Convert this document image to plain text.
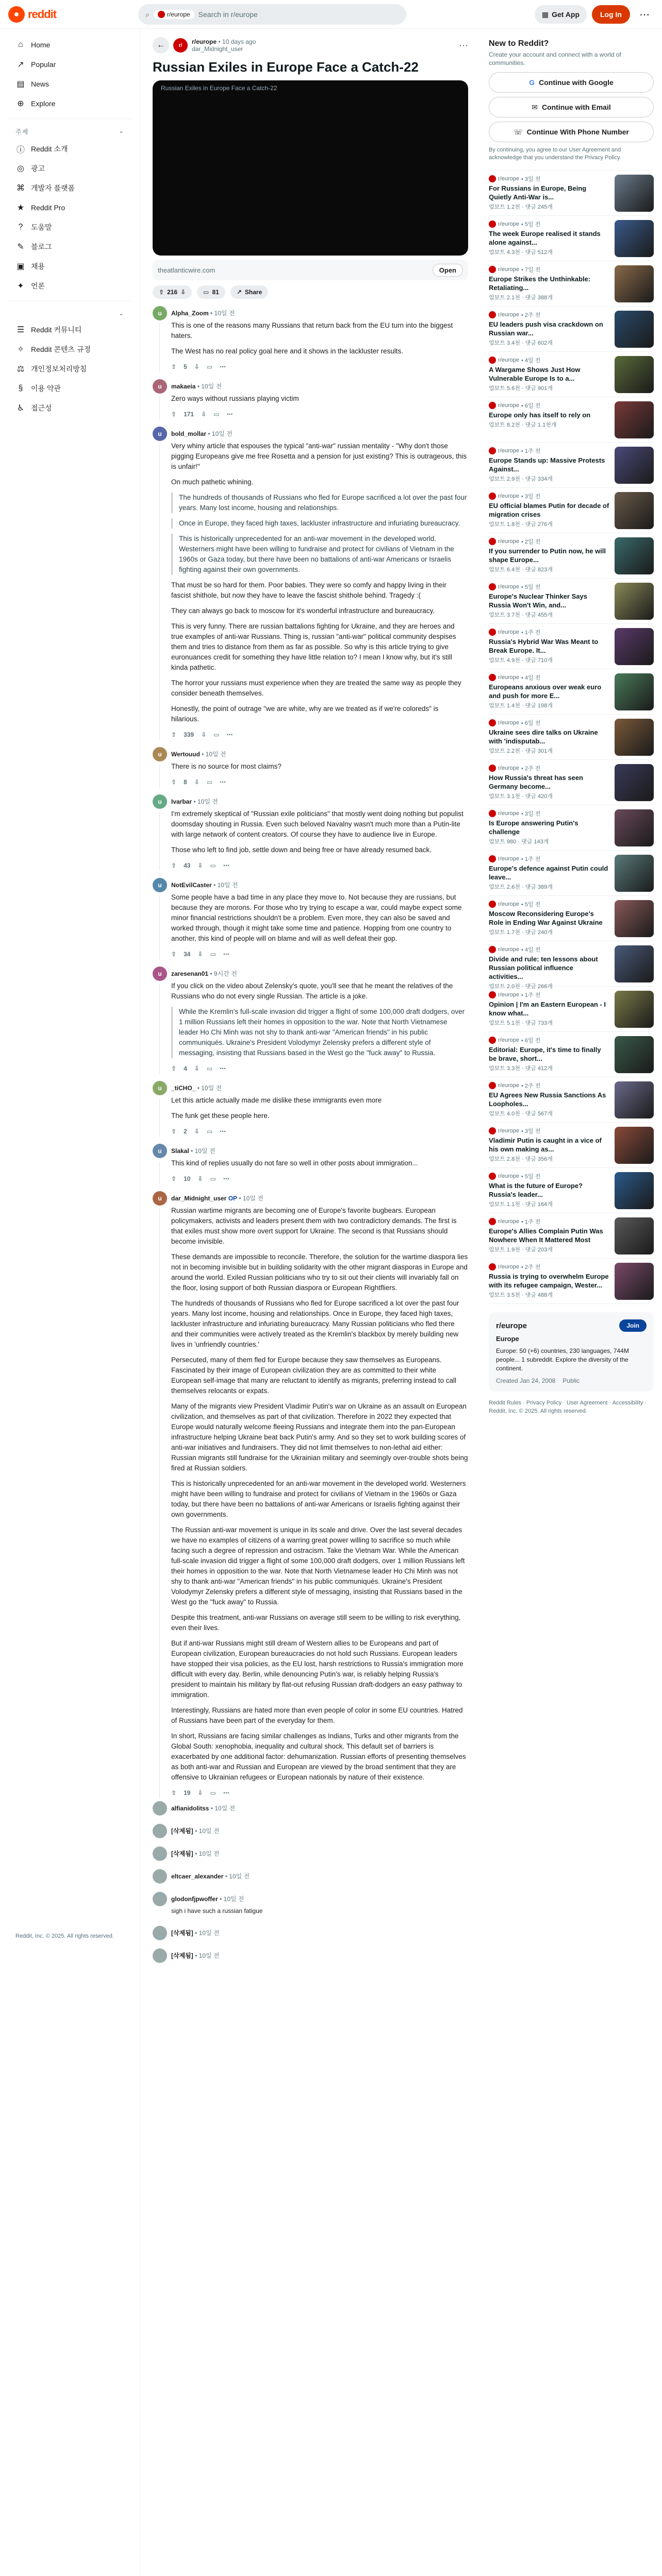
● reddit	⌕	r/europe Search in r/europe	▦ Get App	Log In	⋯
⌂	Home
↗ Popular
▤ News
⊕ Explore
주제	⌄
ⓘ Reddit 소개
◎ 광고
⌘ 개발자 플랫폼
★ Reddit Pro
?	도움말
✎ 블로그
▣ 채용
✦ 언론
⌄
☰ Reddit 커뮤니티
✧ Reddit 콘텐츠 규정
⚖ 개인정보처리방침
§	이용 약관
♿ 접근성
Reddit, Inc. © 2025. All rights reserved.
←	r/	r/europe • 10 days ago
dar_Midnight_user	⋯
Russian Exiles in Europe Face a Catch-22
Russian Exiles in Europe Face a Catch-22
theatlanticwire.com	Open
⇧ 216 ⇩	▭ 81	↗ Share
u	Alpha_Zoom • 10일 전

This is one of the reasons many Russians that return back from the EU turn into the biggest haters.

The West has no real policy goal here and it shows in the lackluster results.

⇧ 5 ⇩ ▭ ⋯
u	makaeia • 10일 전

Zero ways without russians playing victim

⇧ 171 ⇩ ▭ ⋯
u	bold_mollar • 10일 전

Very whiny article that espouses the typical "anti-war" russian mentality - "Why don't those pigging Europeans give me free Rosetta and a pension for just existing? This is outrageous, this is unfair!"

On much pathetic whining.

The hundreds of thousands of Russians who fled for Europe sacrificed a lot over the past four years. Many lost income, housing and relationships.
Once in Europe, they faced high taxes, lackluster infrastructure and infuriating bureaucracy.
This is historically unprecedented for an anti-war movement in the developed world. Westerners might have been willing to fundraise and protect for civilians of Vietnam in the 1960s or Gaza today, but there have been no battalions of anti-war Americans or Israelis fighting against their own governments.

That must be so hard for them. Poor babies. They were so comfy and happy living in their fascist shithole, but now they have to leave the fascist shithole behind. Tragedy :(

They can always go back to moscow for it's wonderful infrastructure and bureaucracy.

This is very funny. There are russian battalions fighting for Ukraine, and they are heroes and true examples of anti-war Russians. Thing is, russian "anti-war" political community despises them and tries to distance from them as far as possible. So why is this article trying to give euronuances credit for something they have little relation to? I mean I know why, but it's still kinda pathetic.

The horror your russians must experience when they are treated the same way as people they consider beneath themselves.

Honestly, the point of outrage "we are white, why are we treated as if we're coloreds" is hilarious.

⇧ 339 ⇩ ▭ ⋯
u	Wertouud • 10일 전

There is no source for most claims?

⇧ 8 ⇩ ▭ ⋯
u	Ivarbar • 10일 전

I'm extremely skeptical of "Russian exile politicians" that mostly went doing nothing but populist doomsday shouting in Russia. Even such beloved Navalny wasn't much more than a Putin-lite with large network of content creators. Of course they have to audience live in Europe.

Those who left to find job, settle down and being free or have already resumed back.

⇧ 43 ⇩ ▭ ⋯
u	NotEvilCaster • 10일 전

Some people have a bad time in any place they move to. Not because they are russians, but because they are morons. For those who try trying to escape a war, could maybe expect some minor financial restrictions shouldn't be a problem. Even more, they can also be saved and worked through, though it might take some time and patience. Hopping from one country to another, this kind of people will on blame and will as well defeat their gop.

⇧ 34 ⇩ ▭ ⋯
u	zaresenan01 • 9시간 전

If you click on the video about Zelensky's quote, you'll see that he meant the relatives of the Russians who do not every single Russian. The article is a joke.

While the Kremlin's full-scale invasion did trigger a flight of some 100,000 draft dodgers, over 1 million Russians left their homes in opposition to the war. Note that North Vietnamese leader Ho Chi Minh was not shy to thank anti-war "American friends" in his public communiqués. Ukraine's President Volodymyr Zelensky prefers a different style of messaging, insisting that Russians based in the West go the "fuck away" to Russia.
⇧ 4 ⇩ ▭ ⋯
u	_tiCHO_ • 10일 전

Let this article actually made me dislike these immigrants even more

The funk get these people here.

⇧ 2 ⇩ ▭ ⋯
u	Slakal • 10일 전

This kind of replies usually do not fare so well in other posts about immigration...

⇧ 10 ⇩ ▭ ⋯
u	dar_Midnight_user OP • 10일 전

Russian wartime migrants are becoming one of Europe's favorite bugbears. European policymakers, activists and leaders present them with two contradictory demands. The first is that exiles must show more overt support for Ukraine. The second is that Russians should become invisible.

These demands are impossible to reconcile. Therefore, the solution for the wartime diaspora lies not in becoming invisible but in building solidarity with the other migrant diasporas in Europe and around the world. Exiled Russian politicians who try to sit out their clients will invariably fall on the floor, losing support of both Russian diaspora or European Rightfliers.

The hundreds of thousands of Russians who fled for Europe sacrificed a lot over the past four years. Many lost income, housing and relationships. Once in Europe, they faced high taxes, lackluster infrastructure and infuriating bureaucracy. Many Russian politicians who fled there and their communities were actively treated as the Kremlin's blackbox by merely building new lives in 'unfriendly countries.'

Persecuted, many of them fled for Europe because they saw themselves as Europeans. Fascinated by their image of European civilization they are as committed to their white European self-image that many are reluctant to identify as migrants, preferring instead to call themselves relocants or expats.

Many of the migrants view President Vladimir Putin's war on Ukraine as an assault on European civilization, and themselves as part of that civilization. Therefore in 2022 they expected that Europe would naturally welcome fleeing Russians and integrate them into the pan-European infrastructure helping Ukraine beat back Putin's army. And so they set to work building scores of anti-war initiatives and fundraisers. They did not limit themselves to non-lethal aid either: Russian migrants still fundraise for the Ukrainian military and seemingly over-trouble shots being fired at Russian soldiers.

This is historically unprecedented for an anti-war movement in the developed world. Westerners might have been willing to fundraise and protect for civilians of Vietnam in the 1960s or Gaza today, but there have been no battalions of anti-war Americans or Israelis fighting against their own governments.

The Russian anti-war movement is unique in its scale and drive. Over the last several decades we have no examples of citizens of a warring great power willing to sacrifice so much while facing such a degree of repression and ostracism. Take the Vietnam War. While the American full-scale invasion did trigger a flight of some 100,000 draft dodgers, over 1 million Russians left their homes in opposition to the war. Note that North Vietnamese leader Ho Chi Minh was not shy to thank anti-war "American friends" in his public communiqués. Ukraine's President Volodymyr Zelensky prefers a different style of messaging, insisting that Russians based in the West go the "fuck away" to Russia.

Despite this treatment, anti-war Russians on average still seem to be willing to risk everything, even their lives.

But if anti-war Russians might still dream of Western allies to be Europeans and part of European civilization, European bureaucracies do not hold such Russians. European leaders have stopped their visa policies, as the EU lost, harsh restrictions to Russia's immigration more difficult with every day. Berlin, while denouncing Putin's war, is reliably helping Russia's president to maintain his military by flat-out refusing Russian draft-dodgers an easy pathway to immigration.

Interestingly, Russians are hated more than even people of color in some EU countries. Hatred of Russians have been part of the everyday for them.

In short, Russians are facing similar challenges as Indians, Turks and other migrants from the Global South: xenophobia, inequality and cultural shock. This default set of barriers is exacerbated by one additional factor: dehumanization. Russian efforts of presenting themselves as both anti-war and Russian and European are viewed by the broad sentiment that they are offensive to Ukrainian refugees or European nationals by nature of their existence.

⇧ 19 ⇩ ▭ ⋯
alfianidolitss • 10일 전
[삭제됨] • 10일 전
[삭제됨] • 10일 전
eltcaer_alexander • 10일 전
glodonfjpwoffer • 10일 전
sigh i have such a russian fatigue
[삭제됨] • 10일 전
[삭제됨] • 10일 전
New to Reddit?
Create your account and connect with a world of communities.
G Continue with Google
✉ Continue with Email
☏ Continue With Phone Number
By continuing, you agree to our User Agreement and acknowledge that you understand the Privacy Policy.
r/europe • 3일 전
For Russians in Europe, Being Quietly Anti-War is...
업보트 1.2천 · 댓글 245개
r/europe • 5일 전
The week Europe realised it stands alone against...
업보트 4.3천 · 댓글 512개
r/europe • 7일 전
Europe Strikes the Unthinkable: Retaliating...
업보트 2.1천 · 댓글 388개
r/europe • 2주 전
EU leaders push visa crackdown on Russian war...
업보트 3.4천 · 댓글 602개
r/europe • 4일 전
A Wargame Shows Just How Vulnerable Europe Is to a...
업보트 5.6천 · 댓글 901개
r/europe • 6일 전
Europe only has itself to rely on
업보트 8.2천 · 댓글 1.1천개
r/europe • 1주 전
Europe Stands up: Massive Protests Against...
업보트 2.9천 · 댓글 334개
r/europe • 3일 전
EU official blames Putin for decade of migration crises
업보트 1.8천 · 댓글 276개
r/europe • 2일 전
If you surrender to Putin now, he will shape Europe...
업보트 6.4천 · 댓글 823개
r/europe • 5일 전
Europe's Nuclear Thinker Says Russia Won't Win, and...
업보트 3.7천 · 댓글 455개
r/europe • 1주 전
Russia's Hybrid War Was Meant to Break Europe. It...
업보트 4.9천 · 댓글 710개
r/europe • 4일 전
Europeans anxious over weak euro and push for more E...
업보트 1.4천 · 댓글 198개
r/europe • 6일 전
Ukraine sees dire talks on Ukraine with 'indisputab...
업보트 2.2천 · 댓글 301개
r/europe • 2주 전
How Russia's threat has seen Germany become...
업보트 3.1천 · 댓글 420개
r/europe • 3일 전
Is Europe answering Putin's challenge
업보트 980 · 댓글 143개
r/europe • 1주 전
Europe's defence against Putin could leave...
업보트 2.6천 · 댓글 389개
r/europe • 5일 전
Moscow Reconsidering Europe's Role in Ending War Against Ukraine
업보트 1.7천 · 댓글 240개
r/europe • 4일 전
Divide and rule: ten lessons about Russian political influence activities...
업보트 2.0천 · 댓글 266개
r/europe • 1주 전
Opinion | I'm an Eastern European - I know what...
업보트 5.1천 · 댓글 733개
r/europe • 6일 전
Editorial: Europe, it's time to finally be brave, short...
업보트 3.3천 · 댓글 412개
r/europe • 2주 전
EU Agrees New Russia Sanctions As Loopholes...
업보트 4.0천 · 댓글 567개
r/europe • 3일 전
Vladimir Putin is caught in a vice of his own making as...
업보트 2.8천 · 댓글 356개
r/europe • 5일 전
What is the future of Europe? Russia's leader...
업보트 1.1천 · 댓글 164개
r/europe • 1주 전
Europe's Allies Complain Putin Was Nowhere When It Mattered Most
업보트 1.9천 · 댓글 203개
r/europe • 2주 전
Russia is trying to overwhelm Europe with its refugee campaign, Wester...
업보트 3.5천 · 댓글 488개
r/europe	Join
Europe
Europe: 50 (+6) countries, 230 languages, 744M people... 1 subreddit. Explore the diversity of the continent.
Created Jan 24, 2008 Public
Reddit Rules · Privacy Policy · User Agreement · Accessibility · Reddit, Inc. © 2025. All rights reserved.
